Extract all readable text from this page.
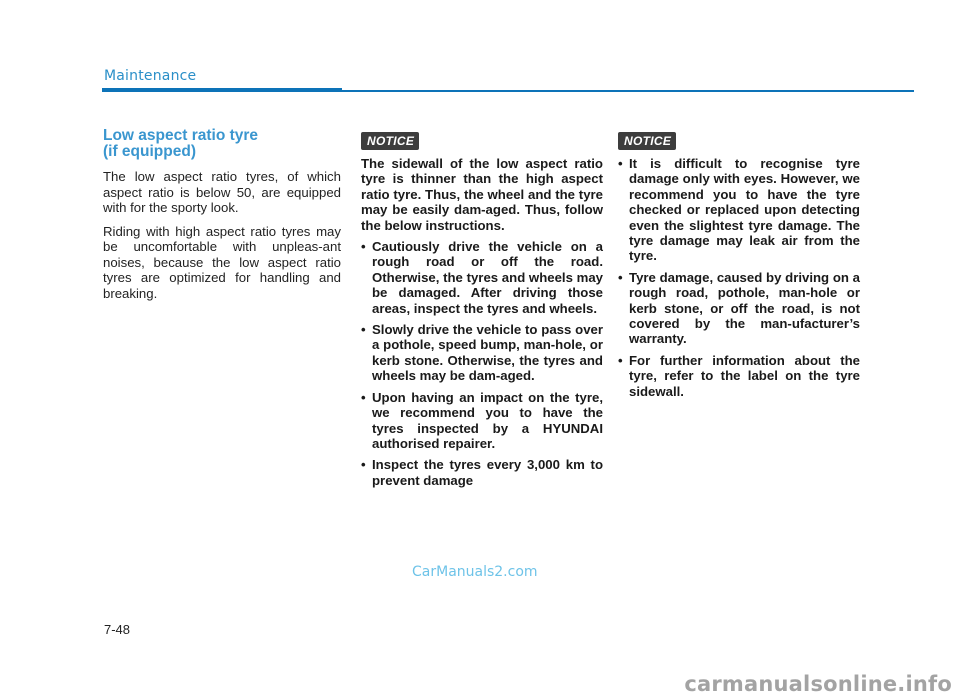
Maintenance
Low aspect ratio tyre
(if equipped)

The low aspect ratio tyres, of which aspect ratio is below 50, are equipped with for the sporty look.

Riding with high aspect ratio tyres may be uncomfortable with unpleas-ant noises, because the low aspect ratio tyres are optimized for handling and breaking.

NOTICE

The sidewall of the low aspect ratio tyre is thinner than the high aspect ratio tyre. Thus, the wheel and the tyre may be easily dam-aged. Thus, follow the below instructions.

• Cautiously drive the vehicle on a rough road or off the road. Otherwise, the tyres and wheels may be damaged. After driving those areas, inspect the tyres and wheels.
• Slowly drive the vehicle to pass over a pothole, speed bump, man-hole, or kerb stone. Otherwise, the tyres and wheels may be dam-aged.
• Upon having an impact on the tyre, we recommend you to have the tyres inspected by a HYUNDAI authorised repairer.
• Inspect the tyres every 3,000 km to prevent damage
NOTICE
• It is difficult to recognise tyre damage only with eyes. However, we recommend you to have the tyre checked or replaced upon detecting even the slightest tyre damage. The tyre damage may leak air from the tyre.
• Tyre damage, caused by driving on a rough road, pothole, man-hole or kerb stone, or off the road, is not covered by the man-ufacturer’s warranty.
• For further information about the tyre, refer to the label on the tyre sidewall.
CarManuals2.com
7-48
carmanualsonline.info
